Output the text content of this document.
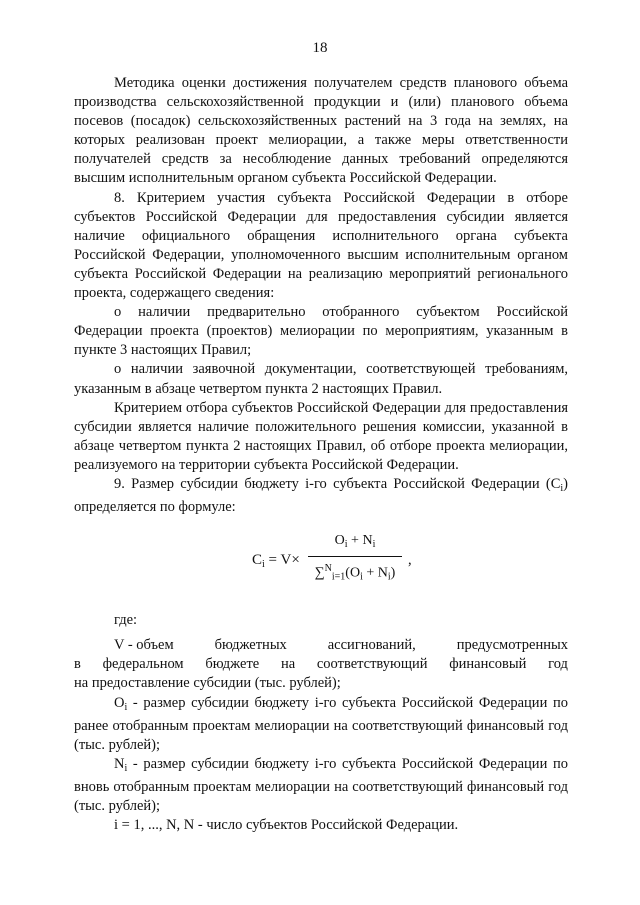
18

Методика оценки достижения получателем средств планового объема производства сельскохозяйственной продукции и (или) планового объема посевов (посадок) сельскохозяйственных растений на 3 года на землях, на которых реализован проект мелиорации, а также меры ответственности получателей средств за несоблюдение данных требований определяются высшим исполнительным органом субъекта Российской Федерации.

8. Критерием участия субъекта Российской Федерации в отборе субъектов Российской Федерации для предоставления субсидии является наличие официального обращения исполнительного органа субъекта Российской Федерации, уполномоченного высшим исполнительным органом субъекта Российской Федерации на реализацию мероприятий регионального проекта, содержащего сведения:

о наличии предварительно отобранного субъектом Российской Федерации проекта (проектов) мелиорации по мероприятиям, указанным в пункте 3 настоящих Правил;

о наличии заявочной документации, соответствующей требованиям, указанным в абзаце четвертом пункта 2 настоящих Правил.

Критерием отбора субъектов Российской Федерации для предоставления субсидии является наличие положительного решения комиссии, указанной в абзаце четвертом пункта 2 настоящих Правил, об отборе проекта мелиорации, реализуемого на территории субъекта Российской Федерации.

9. Размер субсидии бюджету i-го субъекта Российской Федерации $(C_i)$ определяется по формуле:

$C_i = V\times$
$O_i + N_i$
$\sum^N_{i=1}(O_i + N_i)$
,

где:

V - объем	бюджетных	ассигнований,	предусмотренных
в федеральном бюджете на соответствующий финансовый год

на предоставление субсидии (тыс. рублей);

$O_i$ - размер субсидии бюджету i-го субъекта Российской Федерации по ранее отобранным проектам мелиорации на соответствующий финансовый год (тыс. рублей);

$N_i$ - размер субсидии бюджету i-го субъекта Российской Федерации по вновь отобранным проектам мелиорации на соответствующий финансовый год (тыс. рублей);

i = 1, ..., N, N - число субъектов Российской Федерации.
